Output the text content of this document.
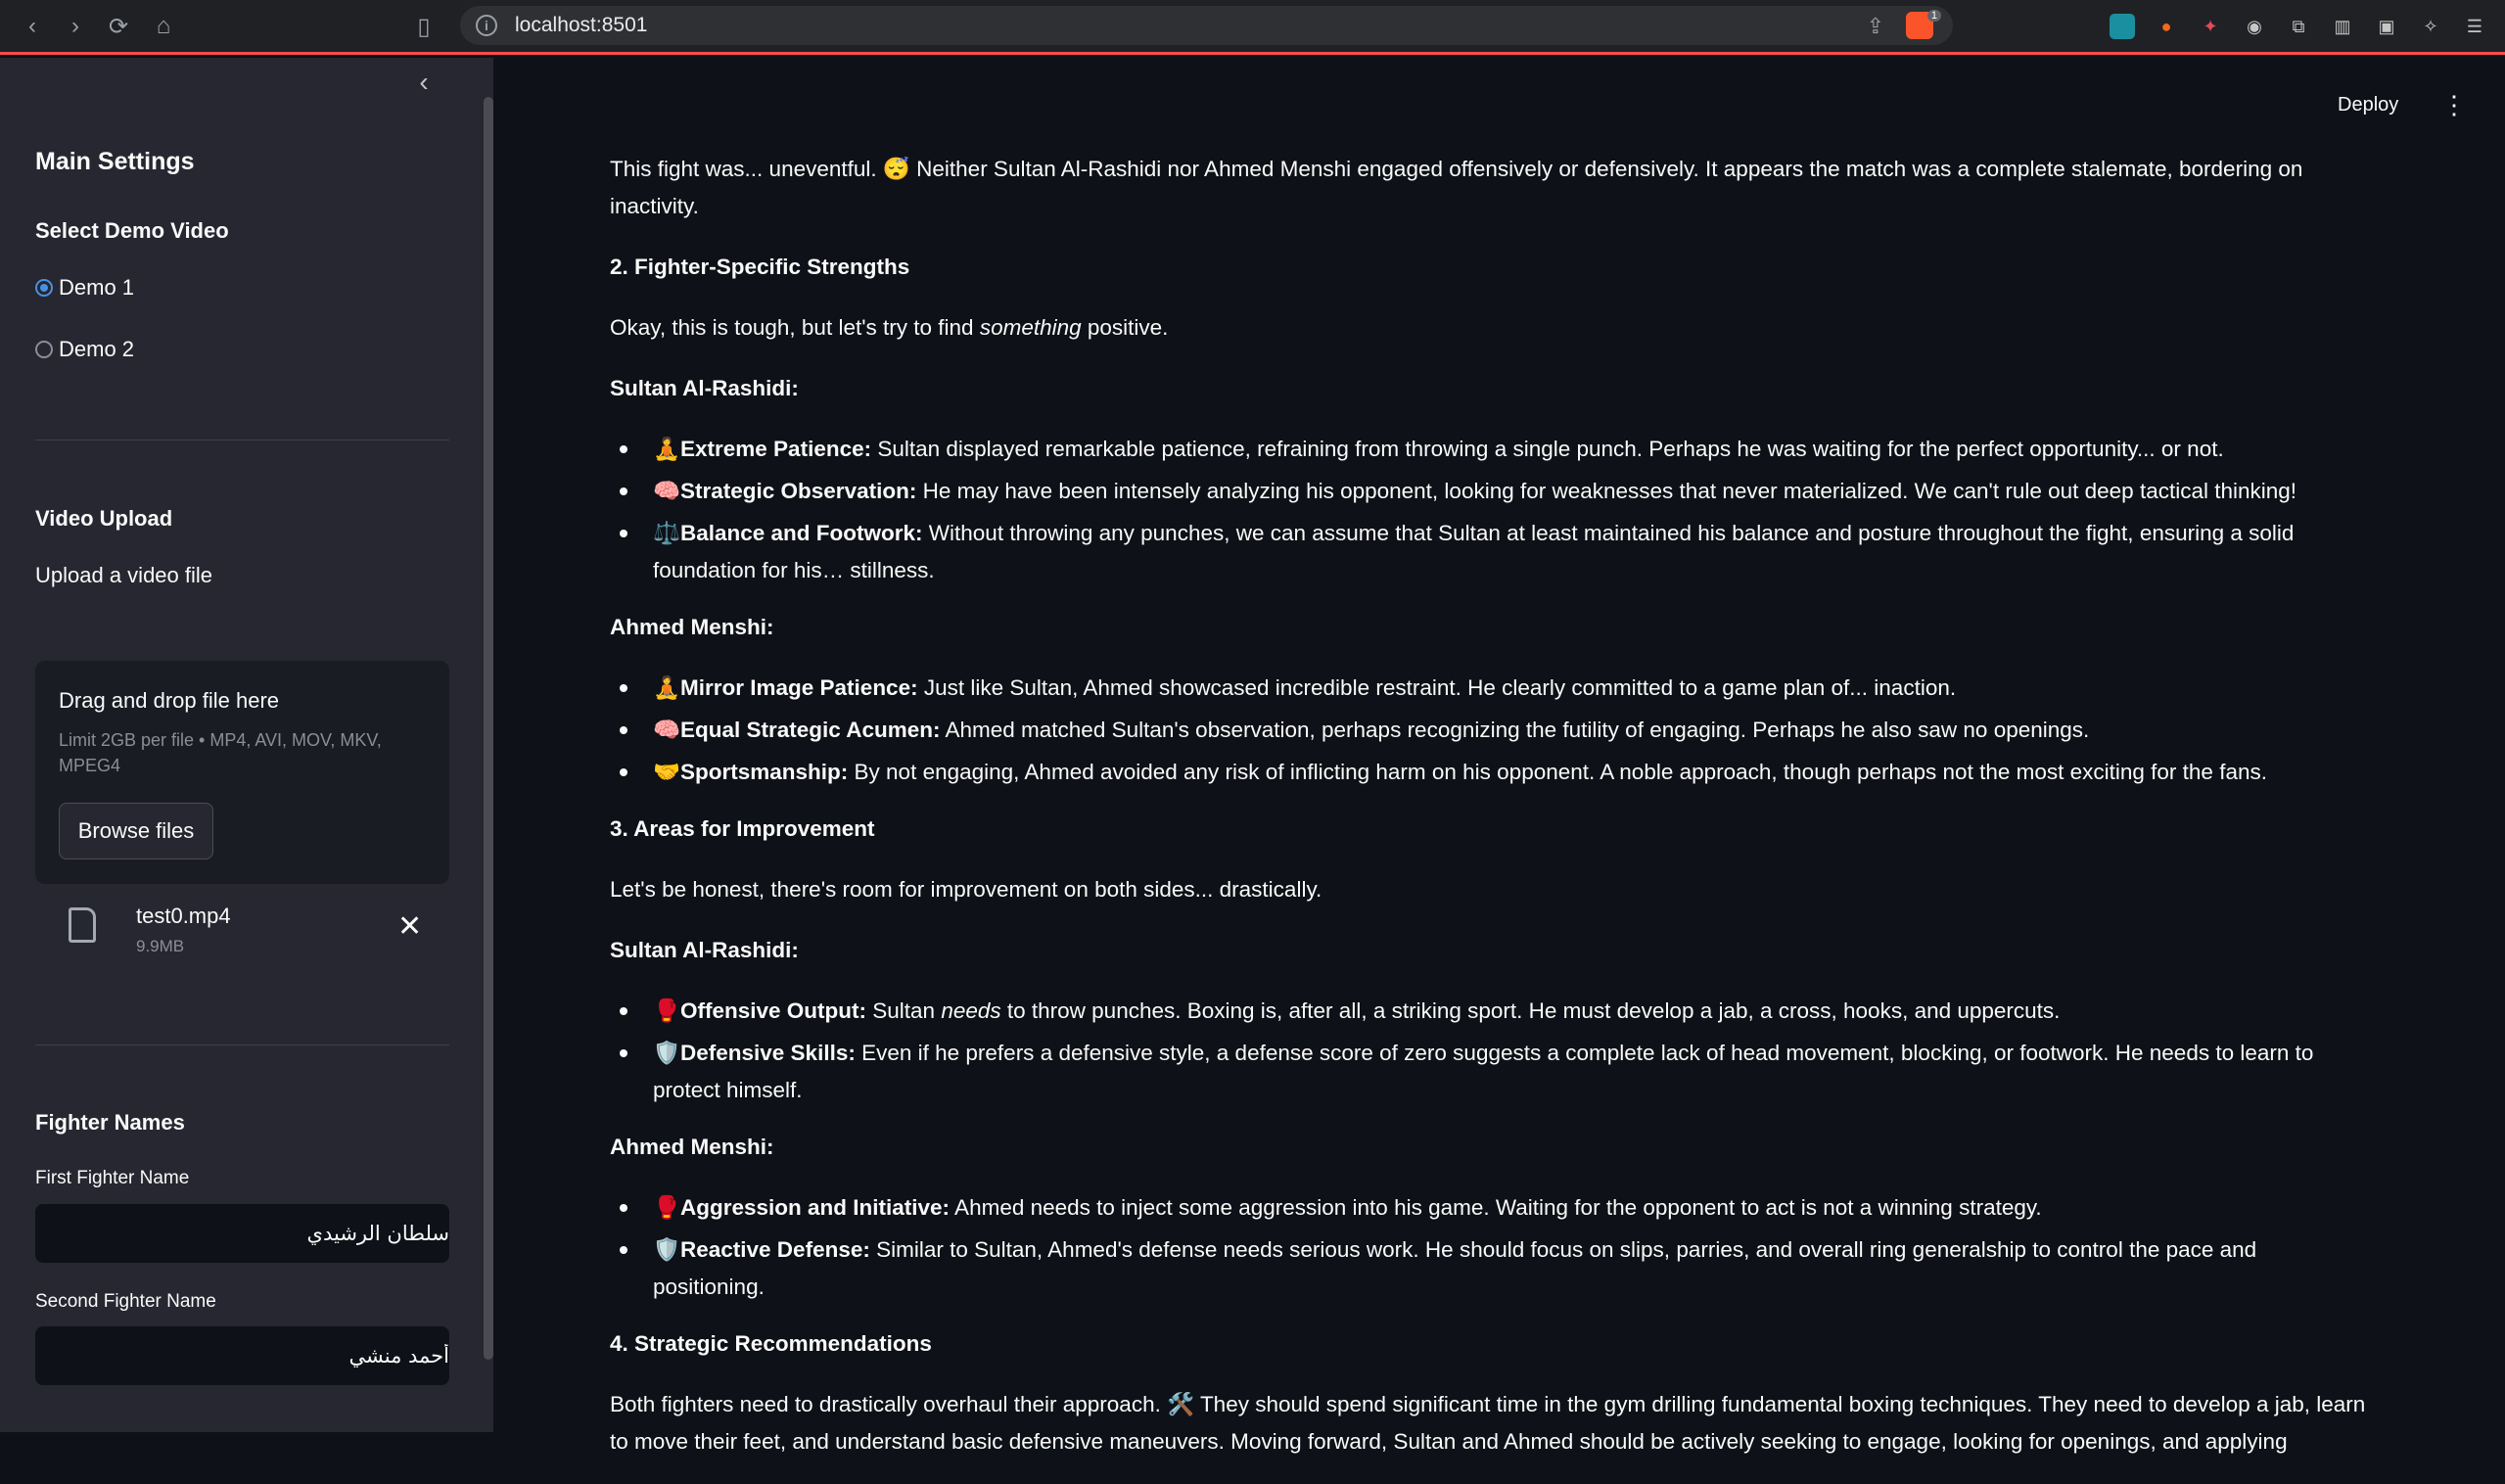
‹	›	⟳	⌂	▯	i	localhost:8501	⇪	1
●	✦	◉	⧉	▥ ▣	✧	☰
‹
Main Settings
Select Demo Video
Demo 1
Demo 2
Video Upload
Upload a video file
Drag and drop file here
Limit 2GB per file • MP4, AVI, MOV, MKV, MPEG4
Browse files
test0.mp4
9.9MB
✕
Fighter Names
First Fighter Name
سلطان الرشيدي
Second Fighter Name
أحمد منشي
Deploy ⋮

This fight was... uneventful. 😴 Neither Sultan Al-Rashidi nor Ahmed Menshi engaged offensively or defensively. It appears the match was a complete stalemate, bordering on inactivity.

2. Fighter-Specific Strengths

Okay, this is tough, but let's try to find something positive.

Sultan Al-Rashidi:

🧘Extreme Patience: Sultan displayed remarkable patience, refraining from throwing a single punch. Perhaps he was waiting for the perfect opportunity... or not.
🧠Strategic Observation: He may have been intensely analyzing his opponent, looking for weaknesses that never materialized. We can't rule out deep tactical thinking!
⚖️Balance and Footwork: Without throwing any punches, we can assume that Sultan at least maintained his balance and posture throughout the fight, ensuring a solid foundation for his… stillness.

Ahmed Menshi:

🧘Mirror Image Patience: Just like Sultan, Ahmed showcased incredible restraint. He clearly committed to a game plan of... inaction.
🧠Equal Strategic Acumen: Ahmed matched Sultan's observation, perhaps recognizing the futility of engaging. Perhaps he also saw no openings.
🤝Sportsmanship: By not engaging, Ahmed avoided any risk of inflicting harm on his opponent. A noble approach, though perhaps not the most exciting for the fans.

3. Areas for Improvement

Let's be honest, there's room for improvement on both sides... drastically.

Sultan Al-Rashidi:

🥊Offensive Output: Sultan needs to throw punches. Boxing is, after all, a striking sport. He must develop a jab, a cross, hooks, and uppercuts.
🛡️Defensive Skills: Even if he prefers a defensive style, a defense score of zero suggests a complete lack of head movement, blocking, or footwork. He needs to learn to protect himself.

Ahmed Menshi:

🥊Aggression and Initiative: Ahmed needs to inject some aggression into his game. Waiting for the opponent to act is not a winning strategy.
🛡️Reactive Defense: Similar to Sultan, Ahmed's defense needs serious work. He should focus on slips, parries, and overall ring generalship to control the pace and positioning.

4. Strategic Recommendations

Both fighters need to drastically overhaul their approach. 🛠️ They should spend significant time in the gym drilling fundamental boxing techniques. They need to develop a jab, learn to move their feet, and understand basic defensive maneuvers. Moving forward, Sultan and Ahmed should be actively seeking to engage, looking for openings, and applying
